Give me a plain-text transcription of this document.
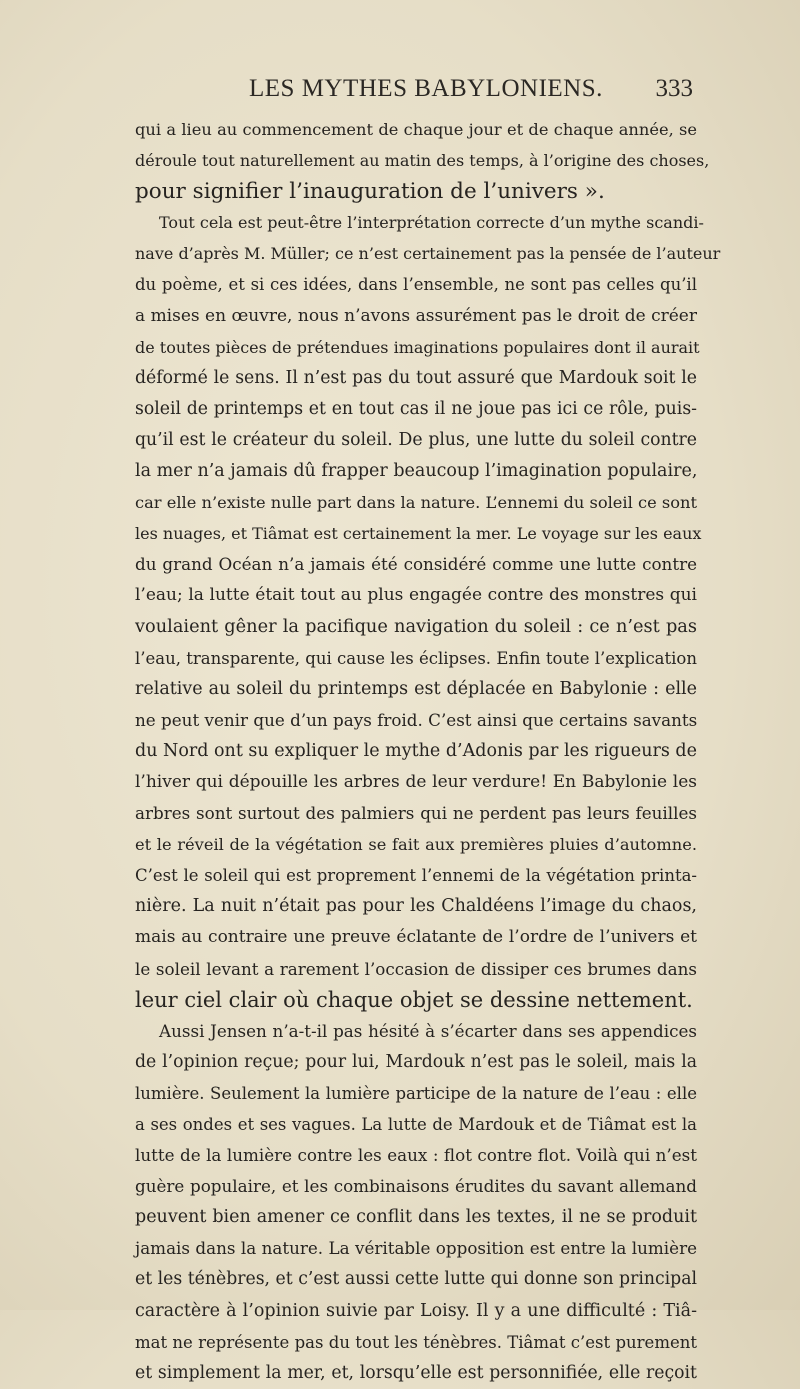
LES MYTHES BABYLONIENS. 333
qui a lieu au commencement de chaque jour et de chaque année, se
déroule tout naturellement au matin des temps, à l’origine des choses,
pour signifier l’inauguration de l’univers ».
Tout cela est peut-être l’interprétation correcte d’un mythe scandi-
nave d’après M. Müller; ce n’est certainement pas la pensée de l’auteur
du poème, et si ces idées, dans l’ensemble, ne sont pas celles qu’il
a mises en œuvre, nous n’avons assurément pas le droit de créer
de toutes pièces de prétendues imaginations populaires dont il aurait
déformé le sens. Il n’est pas du tout assuré que Mardouk soit le
soleil de printemps et en tout cas il ne joue pas ici ce rôle, puis-
qu’il est le créateur du soleil. De plus, une lutte du soleil contre
la mer n’a jamais dû frapper beaucoup l’imagination populaire,
car elle n’existe nulle part dans la nature. L’ennemi du soleil ce sont
les nuages, et Tiâmat est certainement la mer. Le voyage sur les eaux
du grand Océan n’a jamais été considéré comme une lutte contre
l’eau; la lutte était tout au plus engagée contre des monstres qui
voulaient gêner la pacifique navigation du soleil : ce n’est pas
l’eau, transparente, qui cause les éclipses. Enfin toute l’explication
relative au soleil du printemps est déplacée en Babylonie : elle
ne peut venir que d’un pays froid. C’est ainsi que certains savants
du Nord ont su expliquer le mythe d’Adonis par les rigueurs de
l’hiver qui dépouille les arbres de leur verdure! En Babylonie les
arbres sont surtout des palmiers qui ne perdent pas leurs feuilles
et le réveil de la végétation se fait aux premières pluies d’automne.
C’est le soleil qui est proprement l’ennemi de la végétation printa-
nière. La nuit n’était pas pour les Chaldéens l’image du chaos,
mais au contraire une preuve éclatante de l’ordre de l’univers et
le soleil levant a rarement l’occasion de dissiper ces brumes dans
leur ciel clair où chaque objet se dessine nettement.
Aussi Jensen n’a-t-il pas hésité à s’écarter dans ses appendices
de l’opinion reçue; pour lui, Mardouk n’est pas le soleil, mais la
lumière. Seulement la lumière participe de la nature de l’eau : elle
a ses ondes et ses vagues. La lutte de Mardouk et de Tiâmat est la
lutte de la lumière contre les eaux : flot contre flot. Voilà qui n’est
guère populaire, et les combinaisons érudites du savant allemand
peuvent bien amener ce conflit dans les textes, il ne se produit
jamais dans la nature. La véritable opposition est entre la lumière
et les ténèbres, et c’est aussi cette lutte qui donne son principal
caractère à l’opinion suivie par Loisy. Il y a une difficulté : Tiâ-
mat ne représente pas du tout les ténèbres. Tiâmat c’est purement
et simplement la mer, et, lorsqu’elle est personnifiée, elle reçoit
